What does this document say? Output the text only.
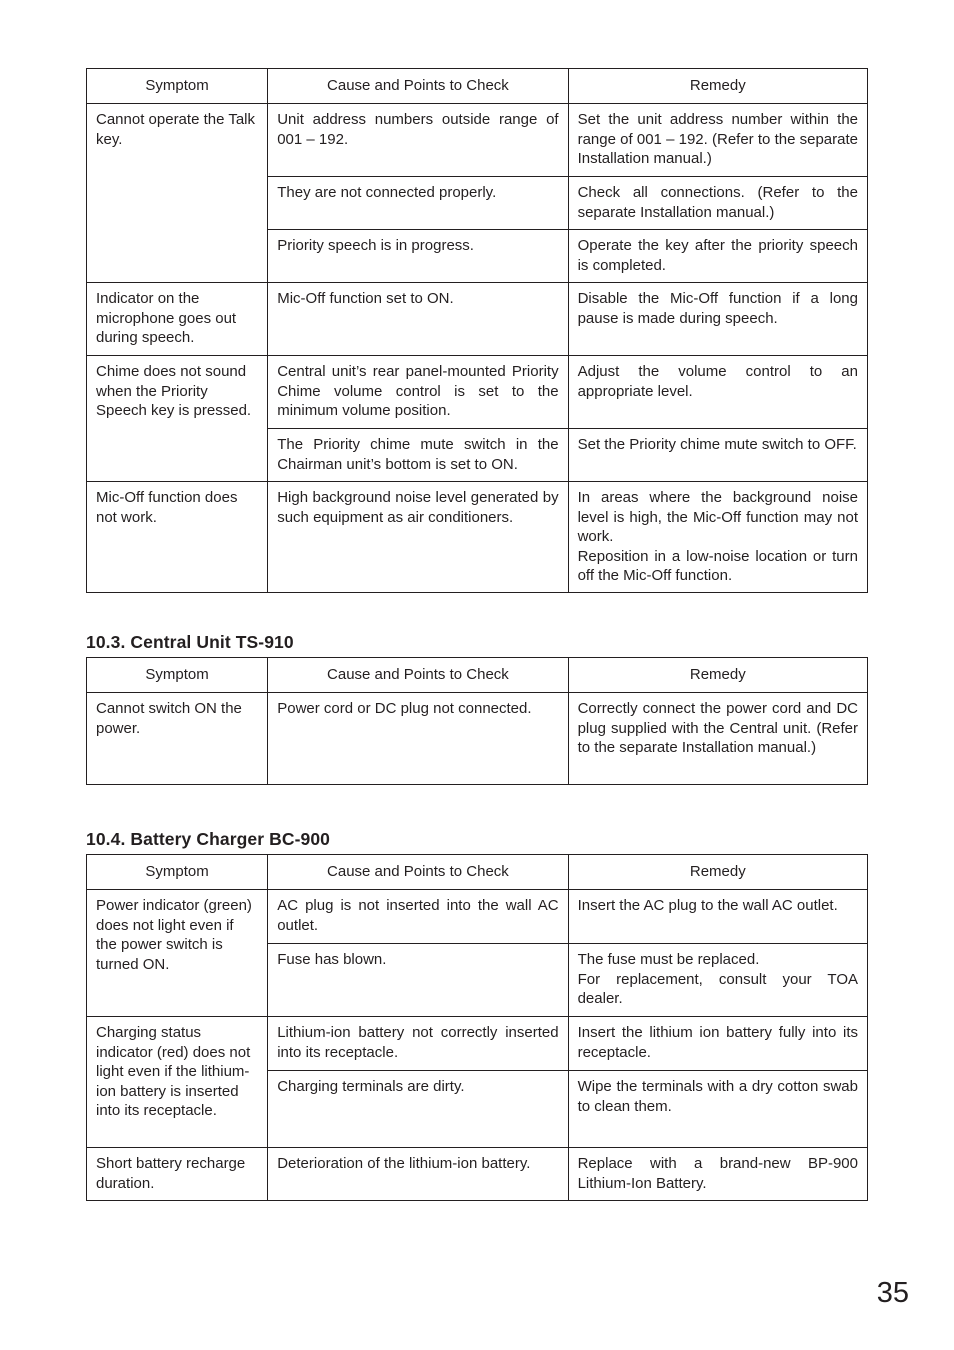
Symptom	Cause and Points to Check	Remedy
Cannot operate the Talk key.	Unit address numbers outside range of 001 – 192.	Set the unit address number within the range of 001 – 192. (Refer to the separate Installation manual.)
	They are not connected properly.	Check all connections. (Refer to the separate Installation manual.)
	Priority speech is in progress.	Operate the key after the priority speech is completed.
Indicator on the microphone goes out during speech.	Mic-Off function set to ON.	Disable the Mic-Off function if a long pause is made during speech.
Chime does not sound when the Priority Speech key is pressed.	Central unit’s rear panel-mounted Priority Chime volume control is set to the minimum volume position.	Adjust the volume control to an appropriate level.
	The Priority chime mute switch in the Chairman unit’s bottom is set to ON.	Set the Priority chime mute switch to OFF.
Mic-Off function does not work.	High background noise level generated by such equipment as air conditioners.	In areas where the background noise level is high, the Mic-Off function may not work.
Reposition in a low-noise location or turn off the Mic-Off function.
10.3. Central Unit TS-910
Symptom	Cause and Points to Check	Remedy
Cannot switch ON the power.	Power cord or DC plug not connected.	Correctly connect the power cord and DC plug supplied with the Central unit. (Refer to the separate Installation manual.)
10.4. Battery Charger BC-900
Symptom	Cause and Points to Check	Remedy
Power indicator (green) does not light even if the power switch is turned ON.	AC plug is not inserted into the wall AC outlet.	Insert the AC plug to the wall AC outlet.
	Fuse has blown.	The fuse must be replaced.
For replacement, consult your TOA dealer.

Charging status indicator (red) does not light even if the lithium-ion battery is inserted into its receptacle.	Lithium-ion battery not correctly inserted into its receptacle.	Insert the lithium ion battery fully into its receptacle.
	Charging terminals are dirty.	Wipe the terminals with a dry cotton swab to clean them.
Short battery recharge duration.	Deterioration of the lithium-ion battery.	Replace with a brand-new BP-900 Lithium-Ion Battery.
35
